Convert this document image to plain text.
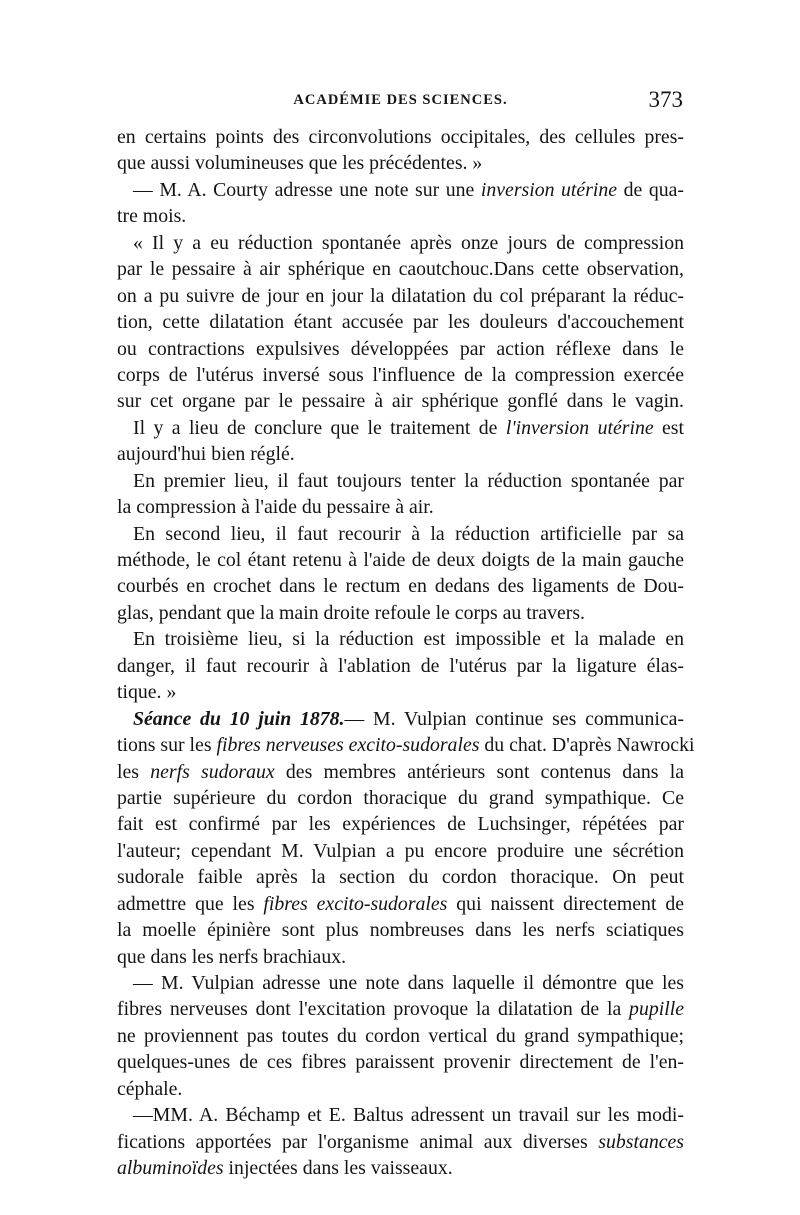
ACADÉMIE DES SCIENCES.	373
en certains points des circonvolutions occipitales, des cellules pres-
que aussi volumineuses que les précédentes. »
— M. A. Courty adresse une note sur une inversion utérine de qua-
tre mois.
« Il y a eu réduction spontanée après onze jours de compression
par le pessaire à air sphérique en caoutchouc.Dans cette observation,
on a pu suivre de jour en jour la dilatation du col préparant la réduc-
tion, cette dilatation étant accusée par les douleurs d'accouchement
ou contractions expulsives développées par action réflexe dans le
corps de l'utérus inversé sous l'influence de la compression exercée
sur cet organe par le pessaire à air sphérique gonflé dans le vagin.
Il y a lieu de conclure que le traitement de l'inversion utérine est
aujourd'hui bien réglé.
En premier lieu, il faut toujours tenter la réduction spontanée par
la compression à l'aide du pessaire à air.
En second lieu, il faut recourir à la réduction artificielle par sa
méthode, le col étant retenu à l'aide de deux doigts de la main gauche
courbés en crochet dans le rectum en dedans des ligaments de Dou-
glas, pendant que la main droite refoule le corps au travers.
En troisième lieu, si la réduction est impossible et la malade en
danger, il faut recourir à l'ablation de l'utérus par la ligature élas-
tique. »
Séance du 10 juin 1878.— M. Vulpian continue ses communica-
tions sur les fibres nerveuses excito-sudorales du chat. D'après Nawrocki
les nerfs sudoraux des membres antérieurs sont contenus dans la
partie supérieure du cordon thoracique du grand sympathique. Ce
fait est confirmé par les expériences de Luchsinger, répétées par
l'auteur; cependant M. Vulpian a pu encore produire une sécrétion
sudorale faible après la section du cordon thoracique. On peut
admettre que les fibres excito-sudorales qui naissent directement de
la moelle épinière sont plus nombreuses dans les nerfs sciatiques
que dans les nerfs brachiaux.
— M. Vulpian adresse une note dans laquelle il démontre que les
fibres nerveuses dont l'excitation provoque la dilatation de la pupille
ne proviennent pas toutes du cordon vertical du grand sympathique;
quelques-unes de ces fibres paraissent provenir directement de l'en-
céphale.
—MM. A. Béchamp et E. Baltus adressent un travail sur les modi-
fications apportées par l'organisme animal aux diverses substances
albuminoïdes injectées dans les vaisseaux.
